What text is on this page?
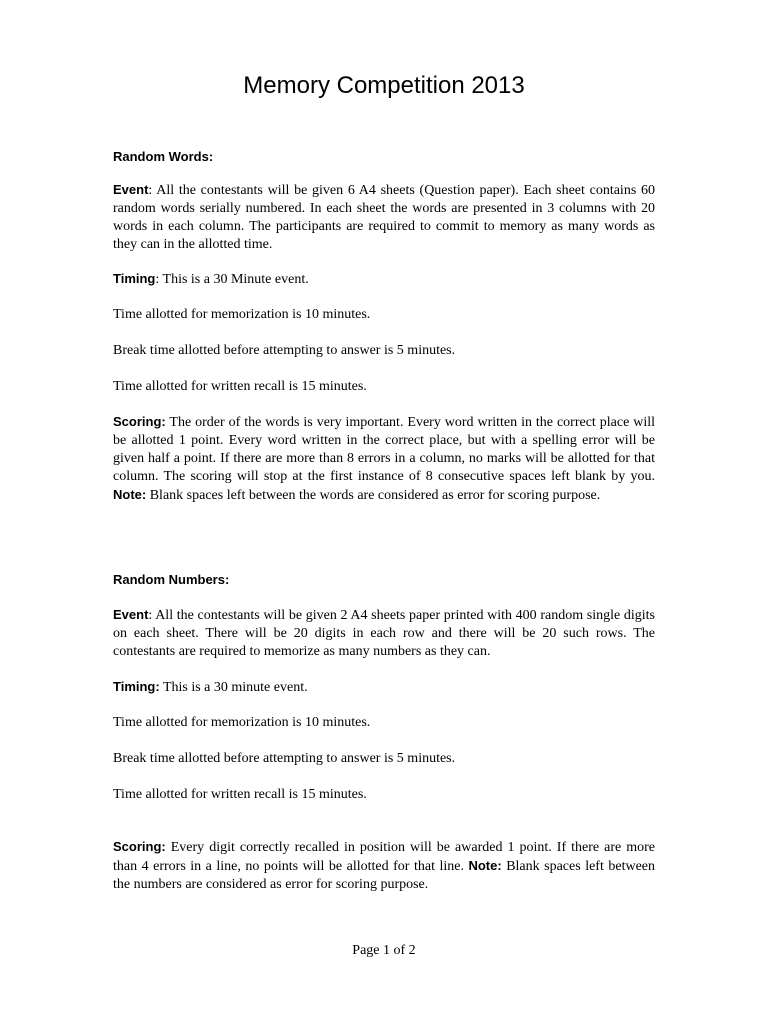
Memory Competition 2013
Random Words:

Event: All the contestants will be given 6 A4 sheets (Question paper). Each sheet contains 60 random words serially numbered. In each sheet the words are presented in 3 columns with 20 words in each column. The participants are required to commit to memory as many words as they can in the allotted time.

Timing: This is a 30 Minute event.

Time allotted for memorization is 10 minutes.

Break time allotted before attempting to answer is 5 minutes.

Time allotted for written recall is 15 minutes.

Scoring: The order of the words is very important. Every word written in the correct place will be allotted 1 point. Every word written in the correct place, but with a spelling error will be given half a point. If there are more than 8 errors in a column, no marks will be allotted for that column. The scoring will stop at the first instance of 8 consecutive spaces left blank by you. Note: Blank spaces left between the words are considered as error for scoring purpose.

Random Numbers:

Event: All the contestants will be given 2 A4 sheets paper printed with 400 random single digits on each sheet. There will be 20 digits in each row and there will be 20 such rows. The contestants are required to memorize as many numbers as they can.

Timing: This is a 30 minute event.

Time allotted for memorization is 10 minutes.

Break time allotted before attempting to answer is 5 minutes.

Time allotted for written recall is 15 minutes.

Scoring: Every digit correctly recalled in position will be awarded 1 point. If there are more than 4 errors in a line, no points will be allotted for that line. Note: Blank spaces left between the numbers are considered as error for scoring purpose.

Page 1 of 2
